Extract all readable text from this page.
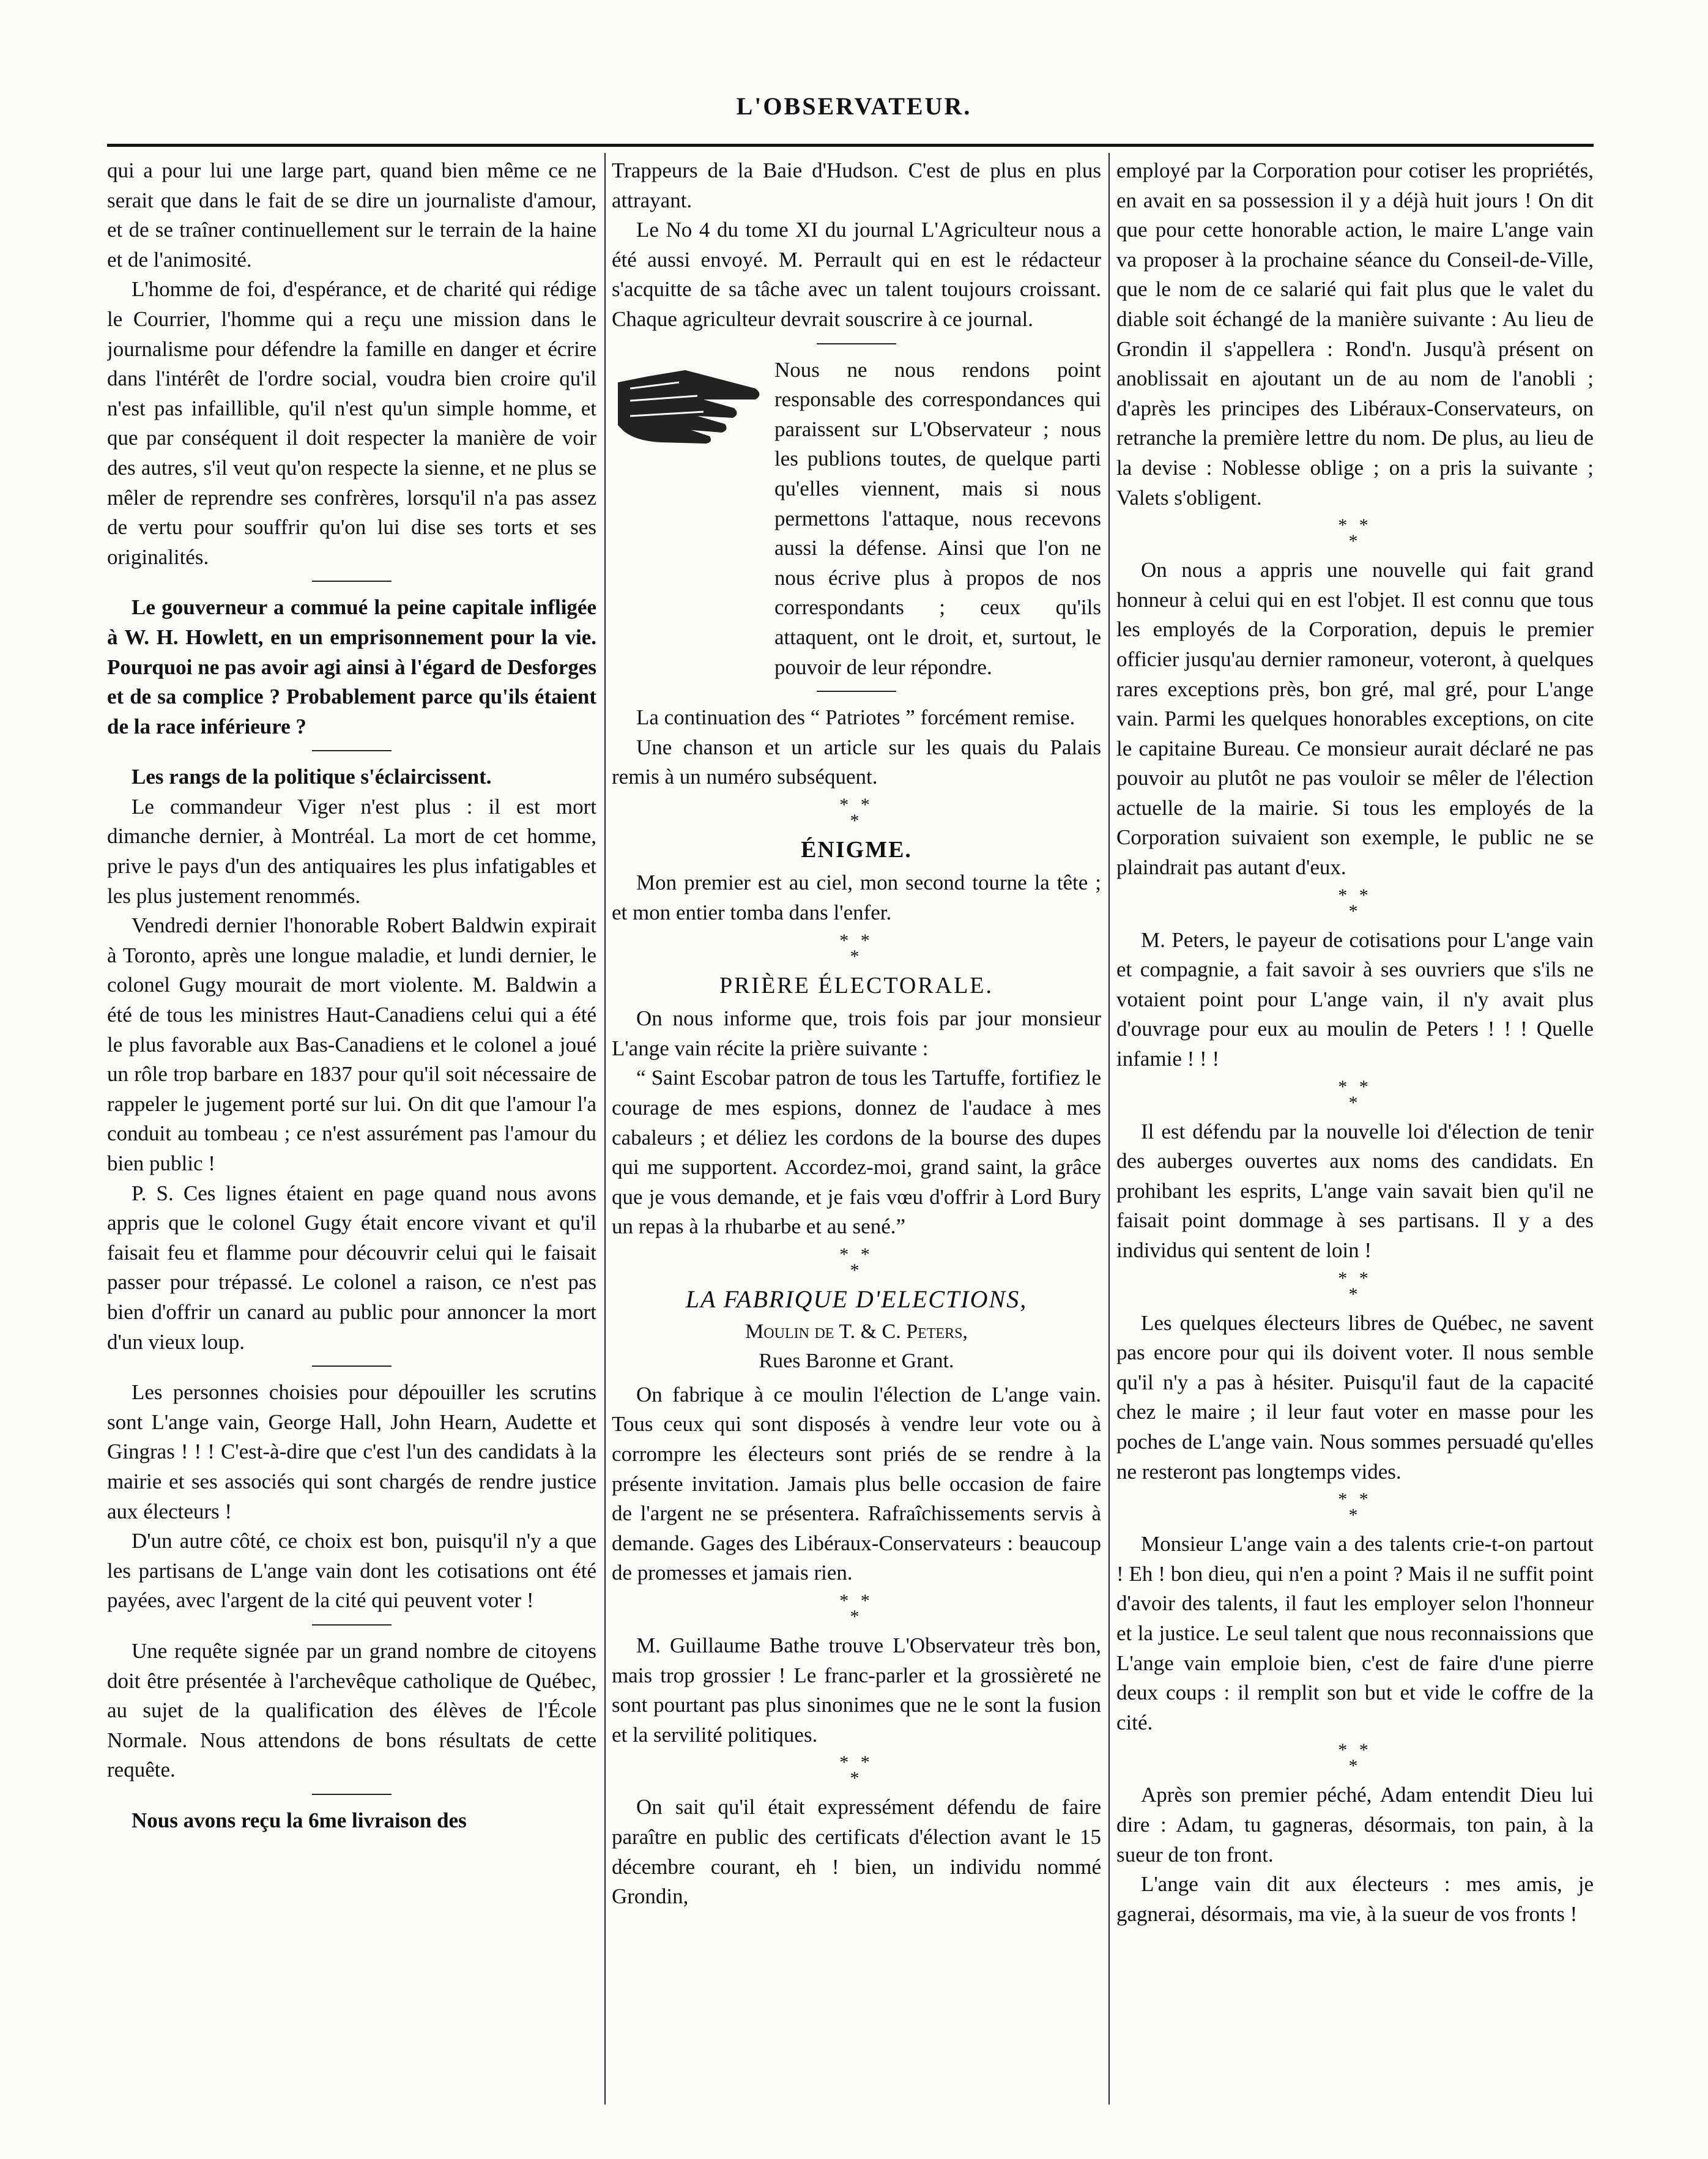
L'OBSERVATEUR.

qui a pour lui une large part, quand bien même ce ne serait que dans le fait de se dire un journaliste d'amour, et de se traîner continuellement sur le terrain de la haine et de l'animosité.

L'homme de foi, d'espérance, et de charité qui rédige le Courrier, l'homme qui a reçu une mission dans le journalisme pour défendre la famille en danger et écrire dans l'intérêt de l'ordre social, voudra bien croire qu'il n'est pas infaillible, qu'il n'est qu'un simple homme, et que par conséquent il doit respecter la manière de voir des autres, s'il veut qu'on respecte la sienne, et ne plus se mêler de reprendre ses confrères, lorsqu'il n'a pas assez de vertu pour souffrir qu'on lui dise ses torts et ses originalités.

Le gouverneur a commué la peine capitale infligée à W. H. Howlett, en un emprisonnement pour la vie. Pourquoi ne pas avoir agi ainsi à l'égard de Desforges et de sa complice ? Probablement parce qu'ils étaient de la race inférieure ?

Les rangs de la politique s'éclaircissent.

Le commandeur Viger n'est plus : il est mort dimanche dernier, à Montréal. La mort de cet homme, prive le pays d'un des antiquaires les plus infatigables et les plus justement renommés.

Vendredi dernier l'honorable Robert Baldwin expirait à Toronto, après une longue maladie, et lundi dernier, le colonel Gugy mourait de mort violente. M. Baldwin a été de tous les ministres Haut-Canadiens celui qui a été le plus favorable aux Bas-Canadiens et le colonel a joué un rôle trop barbare en 1837 pour qu'il soit nécessaire de rappeler le jugement porté sur lui. On dit que l'amour l'a conduit au tombeau ; ce n'est assurément pas l'amour du bien public !

P. S. Ces lignes étaient en page quand nous avons appris que le colonel Gugy était encore vivant et qu'il faisait feu et flamme pour découvrir celui qui le faisait passer pour trépassé. Le colonel a raison, ce n'est pas bien d'offrir un canard au public pour annoncer la mort d'un vieux loup.

Les personnes choisies pour dépouiller les scrutins sont L'ange vain, George Hall, John Hearn, Audette et Gingras ! ! ! C'est-à-dire que c'est l'un des candidats à la mairie et ses associés qui sont chargés de rendre justice aux électeurs !

D'un autre côté, ce choix est bon, puisqu'il n'y a que les partisans de L'ange vain dont les cotisations ont été payées, avec l'argent de la cité qui peuvent voter !

Une requête signée par un grand nombre de citoyens doit être présentée à l'archevêque catholique de Québec, au sujet de la qualification des élèves de l'École Normale. Nous attendons de bons résultats de cette requête.

Nous avons reçu la 6me livraison des

Trappeurs de la Baie d'Hudson. C'est de plus en plus attrayant.

Le No 4 du tome XI du journal L'Agriculteur nous a été aussi envoyé. M. Perrault qui en est le rédacteur s'acquitte de sa tâche avec un talent toujours croissant. Chaque agriculteur devrait souscrire à ce journal.

Nous ne nous rendons point responsable des correspondances qui paraissent sur L'Observateur ; nous les publions toutes, de quelque parti qu'elles viennent, mais si nous permettons l'attaque, nous recevons aussi la défense. Ainsi que l'on ne nous écrive plus à propos de nos correspondants ; ceux qu'ils attaquent, ont le droit, et, surtout, le pouvoir de leur répondre.

La continuation des “ Patriotes ” forcément remise.

Une chanson et un article sur les quais du Palais remis à un numéro subséquent.

* *
*

ÉNIGME.

Mon premier est au ciel, mon second tourne la tête ; et mon entier tomba dans l'enfer.

* *
*

PRIÈRE ÉLECTORALE.

On nous informe que, trois fois par jour monsieur L'ange vain récite la prière suivante :

“ Saint Escobar patron de tous les Tartuffe, fortifiez le courage de mes espions, donnez de l'audace à mes cabaleurs ; et déliez les cordons de la bourse des dupes qui me supportent. Accordez-moi, grand saint, la grâce que je vous demande, et je fais vœu d'offrir à Lord Bury un repas à la rhubarbe et au sené.”

* *
*

LA FABRIQUE D'ELECTIONS,

Moulin de T. & C. Peters,

Rues Baronne et Grant.

On fabrique à ce moulin l'élection de L'ange vain. Tous ceux qui sont disposés à vendre leur vote ou à corrompre les électeurs sont priés de se rendre à la présente invitation. Jamais plus belle occasion de faire de l'argent ne se présentera. Rafraîchissements servis à demande. Gages des Libéraux-Conservateurs : beaucoup de promesses et jamais rien.

* *
*

M. Guillaume Bathe trouve L'Observateur très bon, mais trop grossier ! Le franc-parler et la grossièreté ne sont pourtant pas plus sinonimes que ne le sont la fusion et la servilité politiques.

* *
*

On sait qu'il était expressément défendu de faire paraître en public des certificats d'élection avant le 15 décembre courant, eh ! bien, un individu nommé Grondin,

employé par la Corporation pour cotiser les propriétés, en avait en sa possession il y a déjà huit jours ! On dit que pour cette honorable action, le maire L'ange vain va proposer à la prochaine séance du Conseil-de-Ville, que le nom de ce salarié qui fait plus que le valet du diable soit échangé de la manière suivante : Au lieu de Grondin il s'appellera : Rond'n. Jusqu'à présent on anoblissait en ajoutant un de au nom de l'anobli ; d'après les principes des Libéraux-Conservateurs, on retranche la première lettre du nom. De plus, au lieu de la devise : Noblesse oblige ; on a pris la suivante ; Valets s'obligent.

* *
*

On nous a appris une nouvelle qui fait grand honneur à celui qui en est l'objet. Il est connu que tous les employés de la Corporation, depuis le premier officier jusqu'au dernier ramoneur, voteront, à quelques rares exceptions près, bon gré, mal gré, pour L'ange vain. Parmi les quelques honorables exceptions, on cite le capitaine Bureau. Ce monsieur aurait déclaré ne pas pouvoir au plutôt ne pas vouloir se mêler de l'élection actuelle de la mairie. Si tous les employés de la Corporation suivaient son exemple, le public ne se plaindrait pas autant d'eux.

* *
*

M. Peters, le payeur de cotisations pour L'ange vain et compagnie, a fait savoir à ses ouvriers que s'ils ne votaient point pour L'ange vain, il n'y avait plus d'ouvrage pour eux au moulin de Peters ! ! ! Quelle infamie ! ! !

* *
*

Il est défendu par la nouvelle loi d'élection de tenir des auberges ouvertes aux noms des candidats. En prohibant les esprits, L'ange vain savait bien qu'il ne faisait point dommage à ses partisans. Il y a des individus qui sentent de loin !

* *
*

Les quelques électeurs libres de Québec, ne savent pas encore pour qui ils doivent voter. Il nous semble qu'il n'y a pas à hésiter. Puisqu'il faut de la capacité chez le maire ; il leur faut voter en masse pour les poches de L'ange vain. Nous sommes persuadé qu'elles ne resteront pas longtemps vides.

* *
*

Monsieur L'ange vain a des talents crie-t-on partout ! Eh ! bon dieu, qui n'en a point ? Mais il ne suffit point d'avoir des talents, il faut les employer selon l'honneur et la justice. Le seul talent que nous reconnaissions que L'ange vain emploie bien, c'est de faire d'une pierre deux coups : il remplit son but et vide le coffre de la cité.

* *
*

Après son premier péché, Adam entendit Dieu lui dire : Adam, tu gagneras, désormais, ton pain, à la sueur de ton front.

L'ange vain dit aux électeurs : mes amis, je gagnerai, désormais, ma vie, à la sueur de vos fronts !
